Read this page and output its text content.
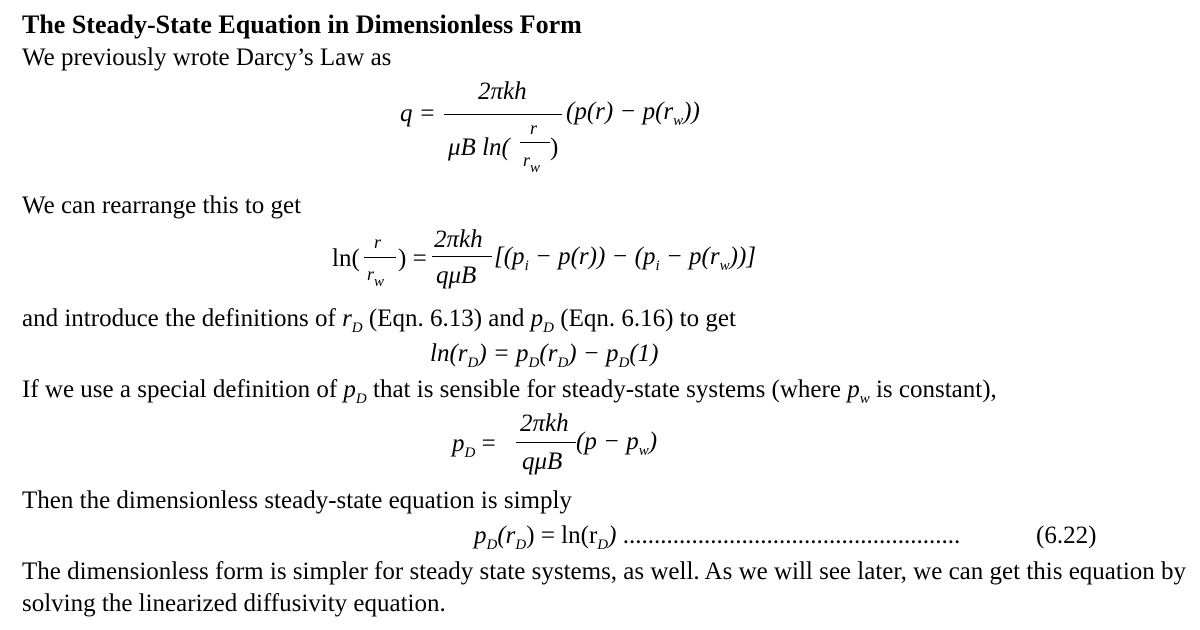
The Steady-State Equation in Dimensionless Form
We previously wrote Darcy’s Law as
q =
2πkh
μB ln(
r
$r_w$
)
$(p(r) - p(r_w))$
We can rearrange this to get
ln(
r
$r_w$
) =
2πkh
qμB
$[(p_i - p(r)) - (p_i - p(r_w))]$
and introduce the definitions of $r_D$ (Eqn. 6.13) and $p_D$ (Eqn. 6.16) to get
$\ln(r_D) = p_D(r_D) - p_D(1)$
If we use a special definition of $p_D$ that is sensible for steady-state systems (where $p_w$ is constant),
$p_D$ =
2πkh
qμB
$(p - p_w)$
Then the dimensionless steady-state equation is simply
$p_D(r_D) = \ln(r_D)$ ......................................................	(6.22)
The dimensionless form is simpler for steady state systems, as well. As we will see later, we can get this equation by
solving the linearized diffusivity equation.
